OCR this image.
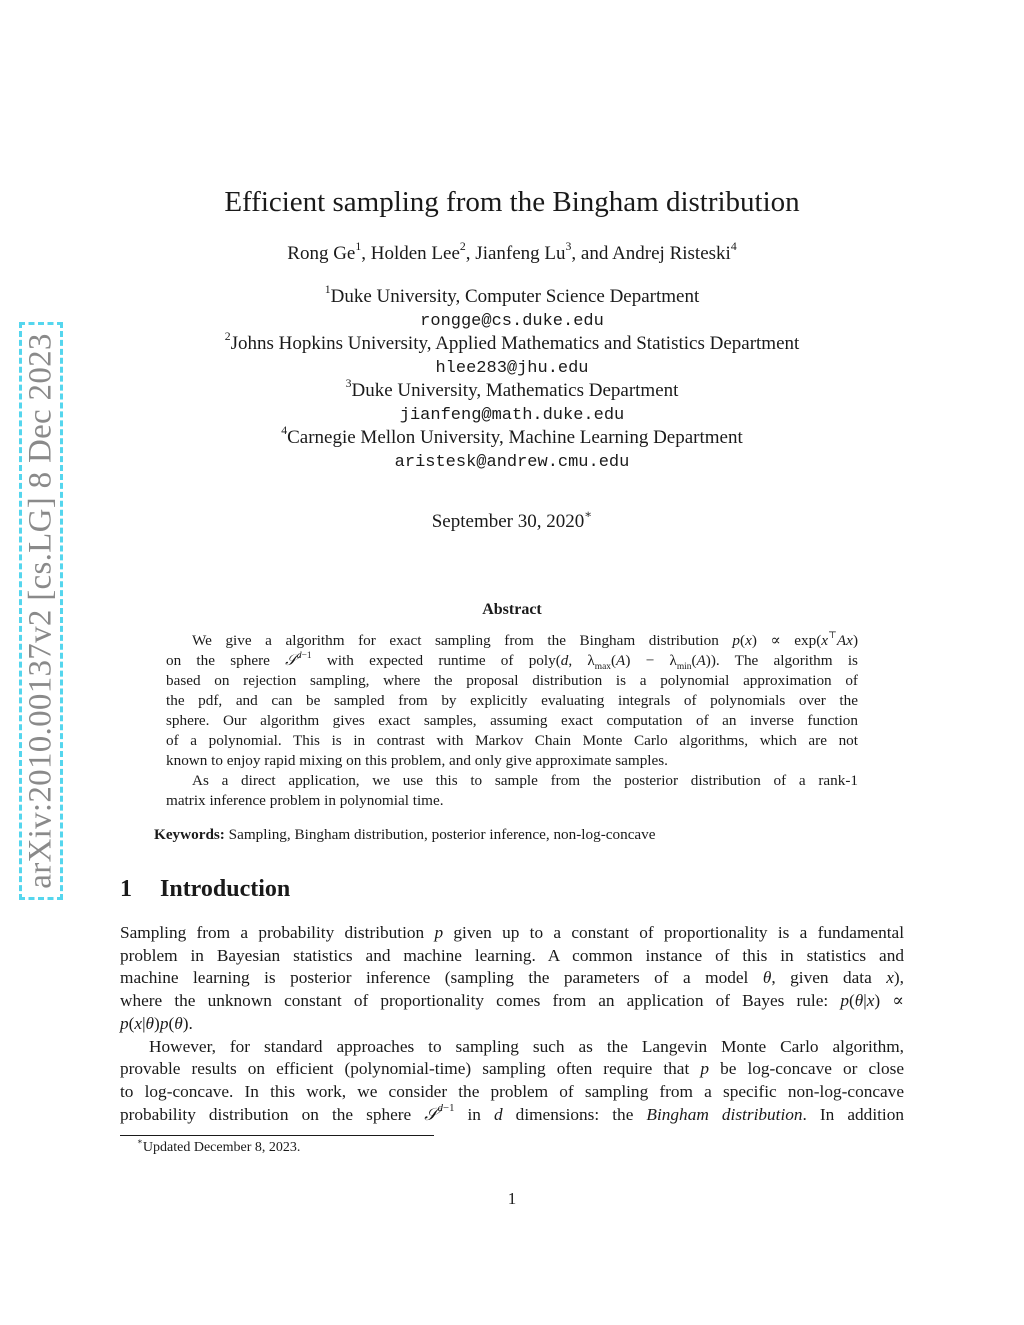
arXiv:2010.00137v2 [cs.LG] 8 Dec 2023
Efficient sampling from the Bingham distribution
Rong Ge$^1$, Holden Lee$^2$, Jianfeng Lu$^3$, and Andrej Risteski$^4$
$^1$Duke University, Computer Science Department
rongge@cs.duke.edu
$^2$Johns Hopkins University, Applied Mathematics and Statistics Department
hlee283@jhu.edu
$^3$Duke University, Mathematics Department
jianfeng@math.duke.edu
$^4$Carnegie Mellon University, Machine Learning Department
aristesk@andrew.cmu.edu
September 30, 2020∗
Abstract
We give a algorithm for exact sampling from the Bingham distribution p(x) ∝ exp(x⊤Ax)
on the sphere 𝒮$^{d-1}$ with expected runtime of poly(d, $\lambda_{max}(A) - \lambda_{min}(A)$). The algorithm is
based on rejection sampling, where the proposal distribution is a polynomial approximation of
the pdf, and can be sampled from by explicitly evaluating integrals of polynomials over the
sphere. Our algorithm gives exact samples, assuming exact computation of an inverse function
of a polynomial. This is in contrast with Markov Chain Monte Carlo algorithms, which are not
known to enjoy rapid mixing on this problem, and only give approximate samples.
As a direct application, we use this to sample from the posterior distribution of a rank-1
matrix inference problem in polynomial time.
Keywords: Sampling, Bingham distribution, posterior inference, non-log-concave
1 Introduction
Sampling from a probability distribution p given up to a constant of proportionality is a fundamental
problem in Bayesian statistics and machine learning. A common instance of this in statistics and
machine learning is posterior inference (sampling the parameters of a model θ, given data x),
where the unknown constant of proportionality comes from an application of Bayes rule: p(θ|x) ∝
p(x|θ)p(θ).
However, for standard approaches to sampling such as the Langevin Monte Carlo algorithm,
provable results on efficient (polynomial-time) sampling often require that p be log-concave or close
to log-concave. In this work, we consider the problem of sampling from a specific non-log-concave
probability distribution on the sphere 𝒮$^{d-1}$ in d dimensions: the Bingham distribution. In addition
∗Updated December 8, 2023.
1
